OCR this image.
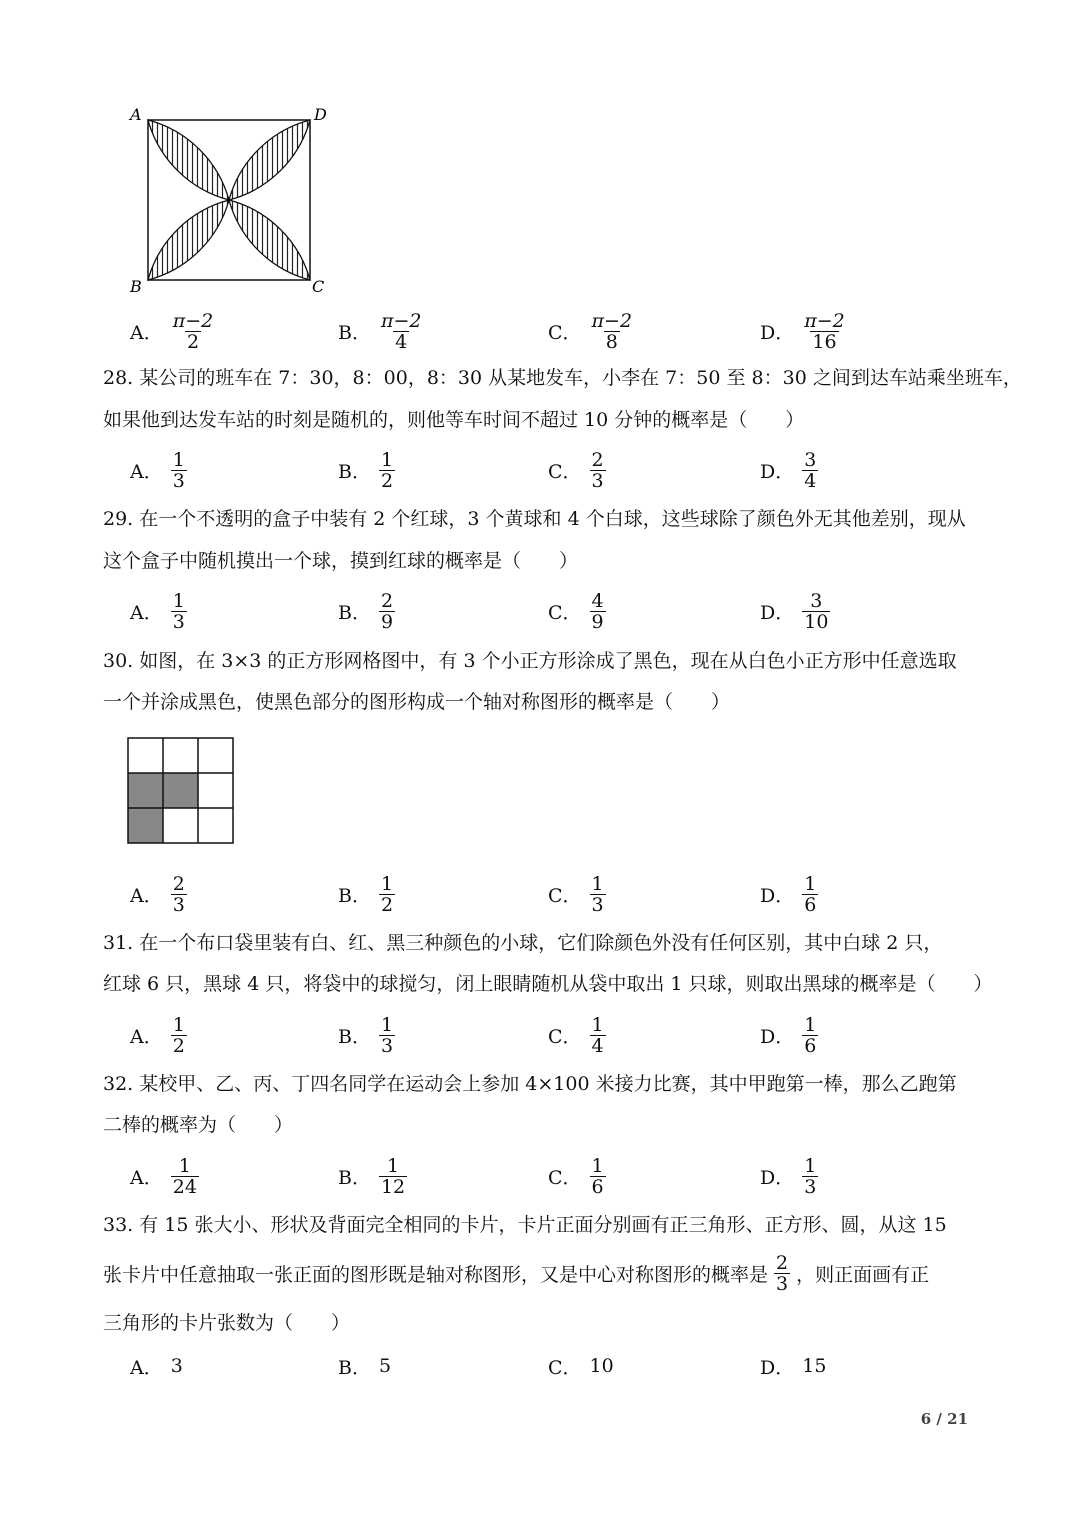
A	D
B	C
A． $\frac{\pi-2}{2}$	B． $\frac{\pi-2}{4}$	C． $\frac{\pi-2}{8}$	D． $\frac{\pi-2}{16}$
28. 某公司的班车在 7：30，8：00，8：30 从某地发车，小李在 7：50 至 8：30 之间到达车站乘坐班车，
如果他到达发车站的时刻是随机的，则他等车时间不超过 10 分钟的概率是（　　）
A． $\frac{1}{3}$	B． $\frac{1}{2}$	C． $\frac{2}{3}$	D． $\frac{3}{4}$
29. 在一个不透明的盒子中装有 2 个红球，3 个黄球和 4 个白球，这些球除了颜色外无其他差别，现从
这个盒子中随机摸出一个球，摸到红球的概率是（　　）
A． $\frac{1}{3}$	B． $\frac{2}{9}$	C． $\frac{4}{9}$	D． $\frac{3}{10}$
30. 如图，在 3×3 的正方形网格图中，有 3 个小正方形涂成了黑色，现在从白色小正方形中任意选取
一个并涂成黑色，使黑色部分的图形构成一个轴对称图形的概率是（　　）
A． $\frac{2}{3}$	B． $\frac{1}{2}$	C． $\frac{1}{3}$	D． $\frac{1}{6}$
31. 在一个布口袋里装有白、红、黑三种颜色的小球，它们除颜色外没有任何区别，其中白球 2 只，
红球 6 只，黑球 4 只，将袋中的球搅匀，闭上眼睛随机从袋中取出 1 只球，则取出黑球的概率是（　　）
A． $\frac{1}{2}$	B． $\frac{1}{3}$	C． $\frac{1}{4}$	D． $\frac{1}{6}$
32. 某校甲、乙、丙、丁四名同学在运动会上参加 4×100 米接力比赛，其中甲跑第一棒，那么乙跑第
二棒的概率为（　　）
A． $\frac{1}{24}$	B． $\frac{1}{12}$	C． $\frac{1}{6}$	D． $\frac{1}{3}$
33. 有 15 张大小、形状及背面完全相同的卡片，卡片正面分别画有正三角形、正方形、圆，从这 15
张卡片中任意抽取一张正面的图形既是轴对称图形，又是中心对称图形的概率是 $\frac{2}{3}$ ，则正面画有正
三角形的卡片张数为（　　）
A． 3	B． 5	C． 10	D． 15
6 / 21
